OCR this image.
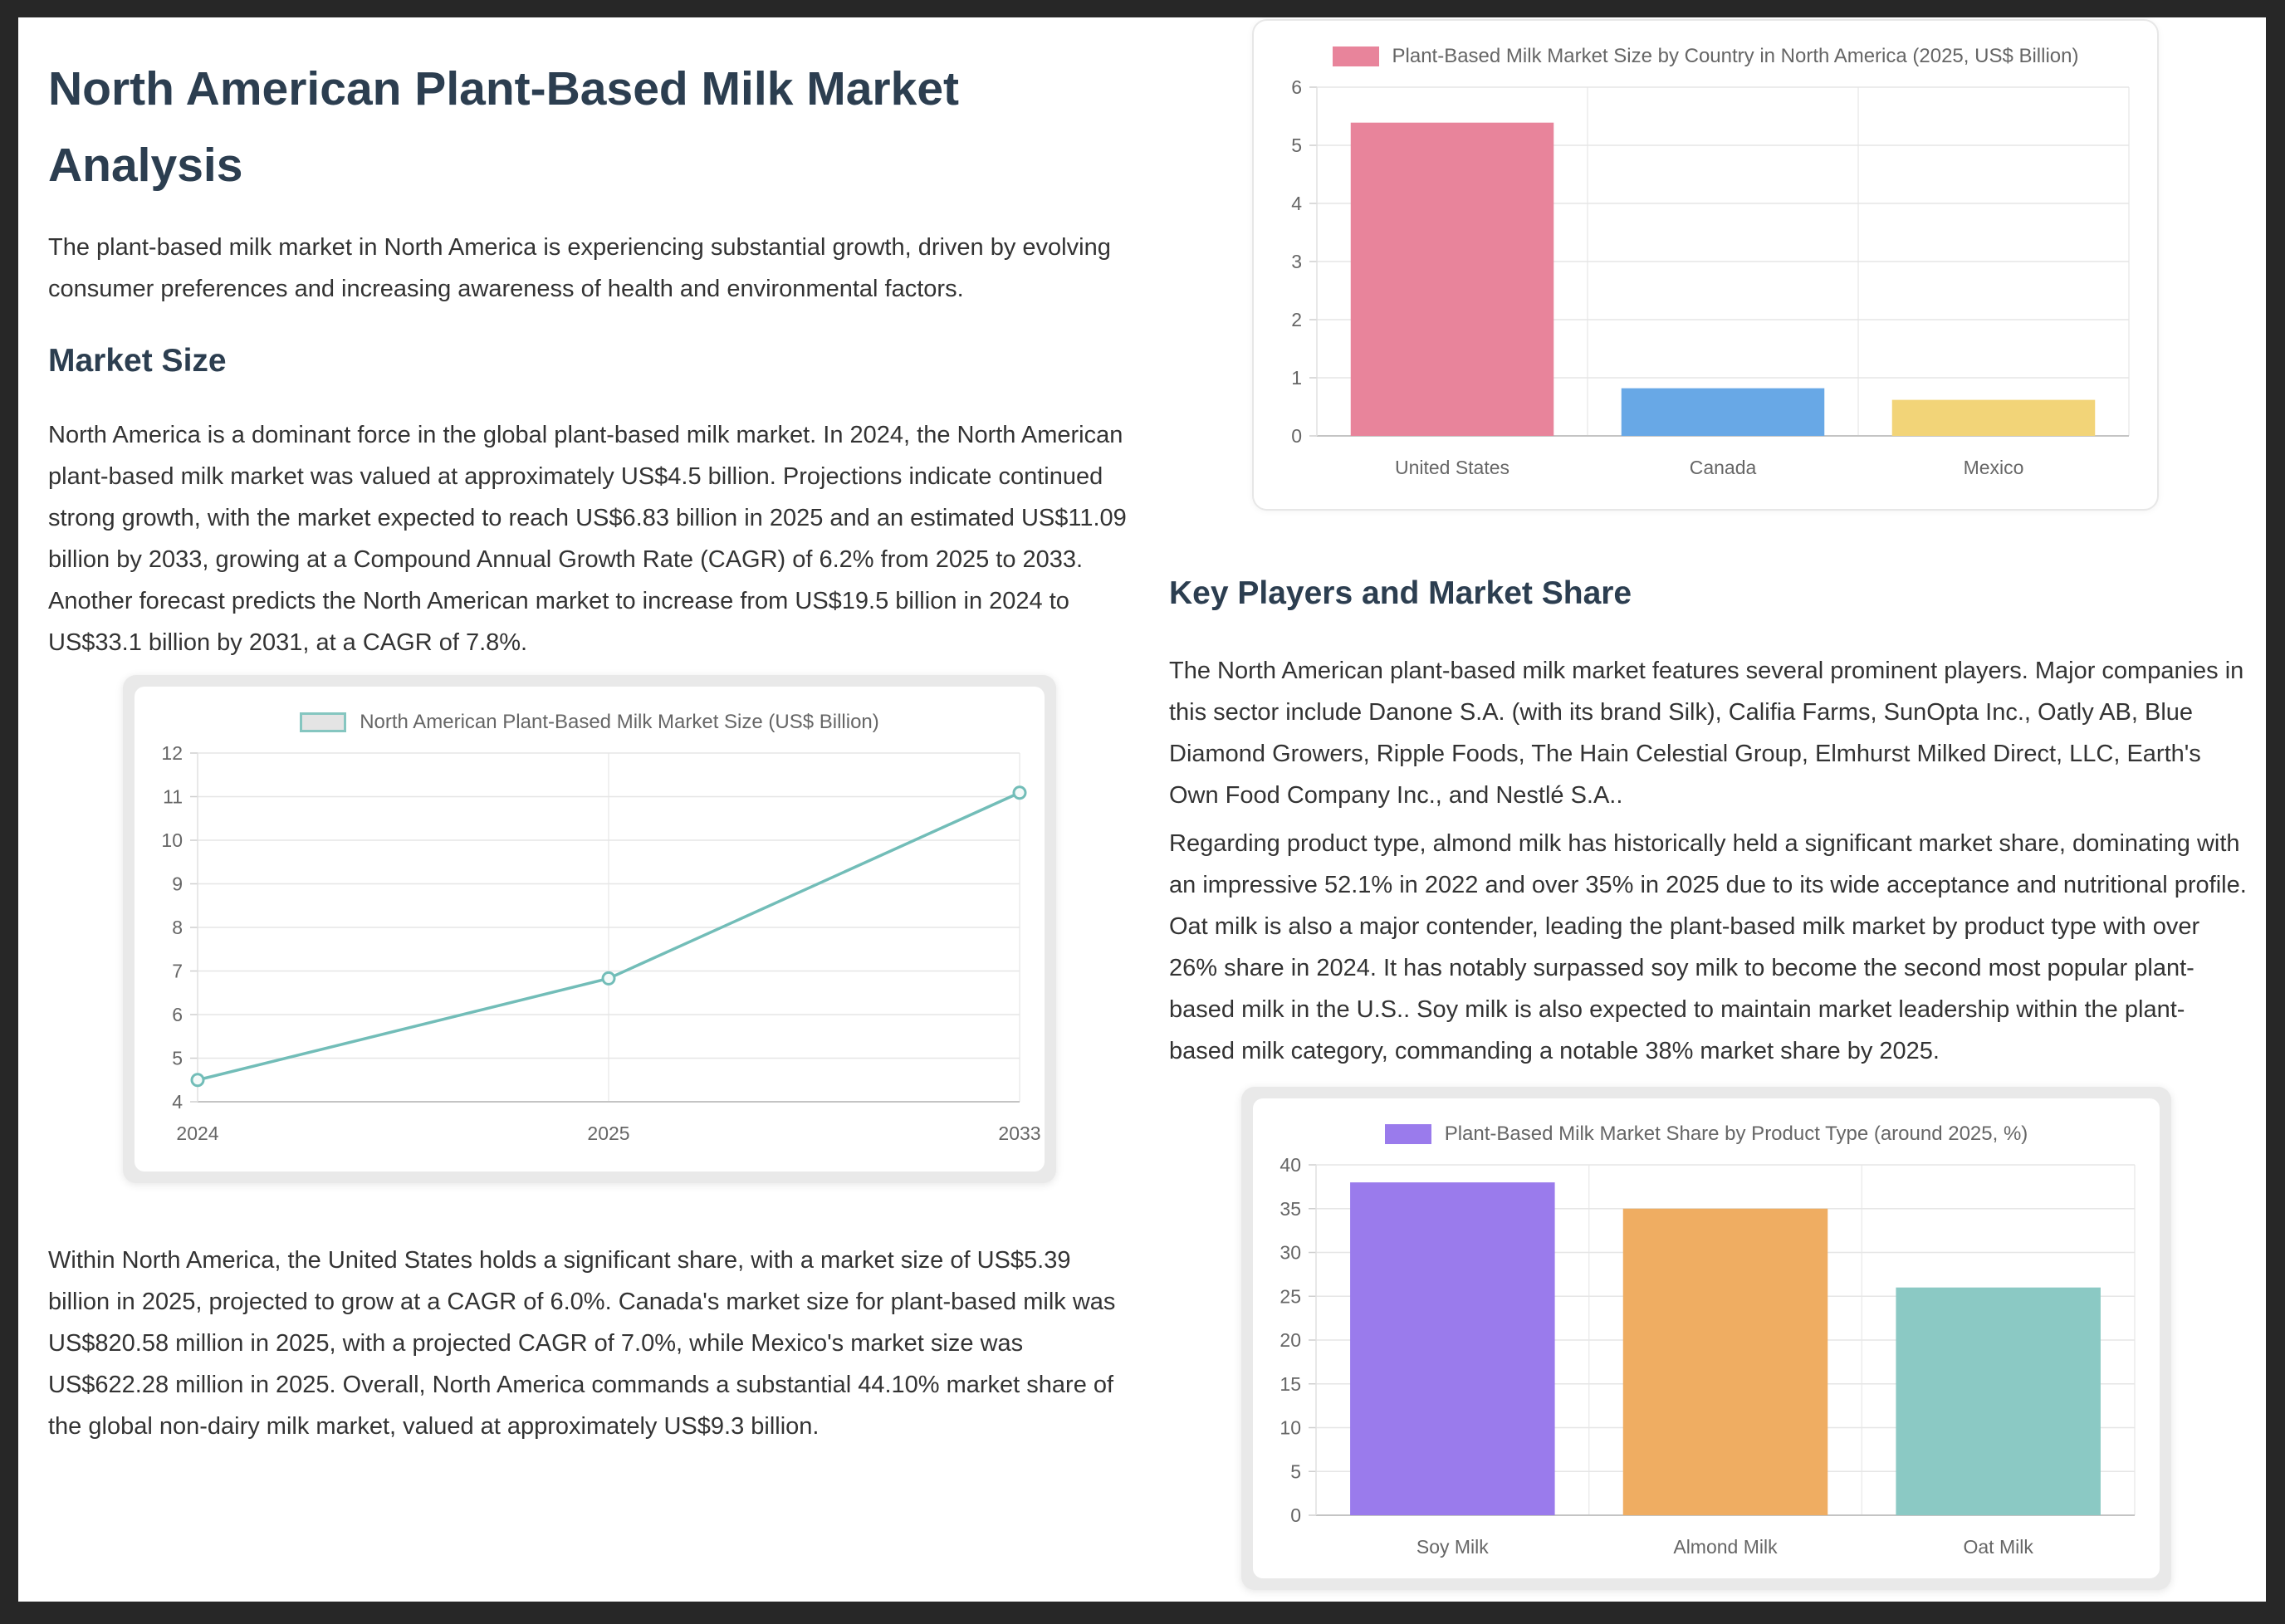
North American Plant-Based Milk Market Analysis

The plant-based milk market in North America is experiencing substantial growth, driven by evolving consumer preferences and increasing awareness of health and environmental factors.

Market Size

North America is a dominant force in the global plant-based milk market. In 2024, the North American plant-based milk market was valued at approximately US$4.5 billion. Projections indicate continued strong growth, with the market expected to reach US$6.83 billion in 2025 and an estimated US$11.09 billion by 2033, growing at a Compound Annual Growth Rate (CAGR) of 6.2% from 2025 to 2033. Another forecast predicts the North American market to increase from US$19.5 billion in 2024 to US$33.1 billion by 2031, at a CAGR of 7.8%.

North American Plant-Based Milk Market Size (US$ Billion)
4
5
6
7
8
9
10
11
12
2024	2025	2033

Within North America, the United States holds a significant share, with a market size of US$5.39 billion in 2025, projected to grow at a CAGR of 6.0%. Canada's market size for plant-based milk was US$820.58 million in 2025, with a projected CAGR of 7.0%, while Mexico's market size was US$622.28 million in 2025. Overall, North America commands a substantial 44.10% market share of the global non-dairy milk market, valued at approximately US$9.3 billion.

Plant-Based Milk Market Size by Country in North America (2025, US$ Billion)
0
1
2
3
4
5
6
United States	Canada	Mexico
Key Players and Market Share

The North American plant-based milk market features several prominent players. Major companies in this sector include Danone S.A. (with its brand Silk), Califia Farms, SunOpta Inc., Oatly AB, Blue Diamond Growers, Ripple Foods, The Hain Celestial Group, Elmhurst Milked Direct, LLC, Earth's Own Food Company Inc., and Nestlé S.A..

Regarding product type, almond milk has historically held a significant market share, dominating with an impressive 52.1% in 2022 and over 35% in 2025 due to its wide acceptance and nutritional profile. Oat milk is also a major contender, leading the plant-based milk market by product type with over 26% share in 2024. It has notably surpassed soy milk to become the second most popular plant-based milk in the U.S.. Soy milk is also expected to maintain market leadership within the plant-based milk category, commanding a notable 38% market share by 2025.

Plant-Based Milk Market Share by Product Type (around 2025, %)
0
5
10
15
20
25
30
35
40
Soy Milk	Almond Milk	Oat Milk
